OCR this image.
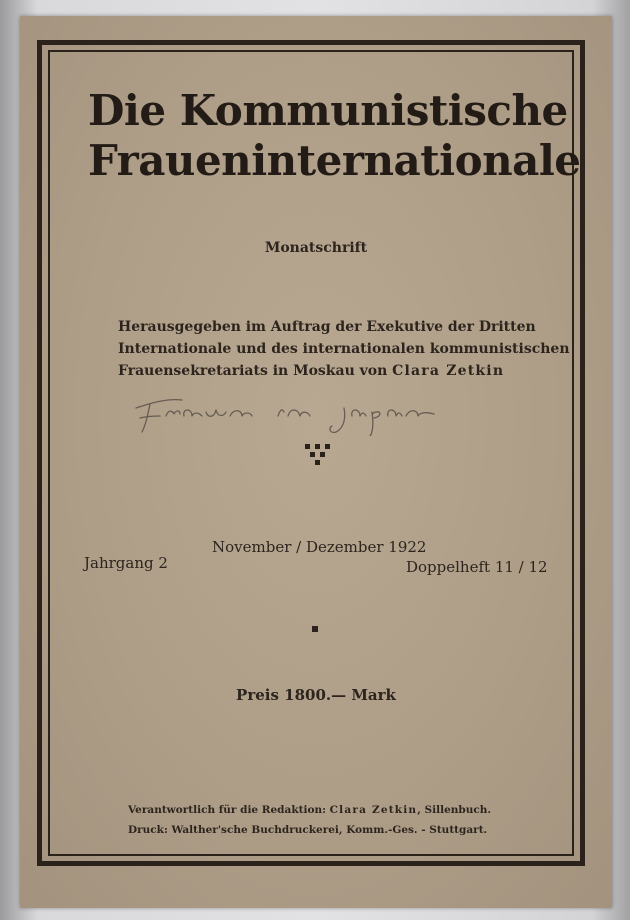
Die Kommunistische
Fraueninternationale
Monatschrift
Herausgegeben im Auftrag der Exekutive der Dritten
Internationale und des internationalen kommunistischen
Frauensekretariats in Moskau von Clara Zetkin
November / Dezember 1922
Jahrgang 2	Doppelheft 11 / 12
Preis 1800.— Mark
Verantwortlich für die Redaktion: Clara Zetkin, Sillenbuch.
Druck: Walther'sche Buchdruckerei, Komm.-Ges. - Stuttgart.
